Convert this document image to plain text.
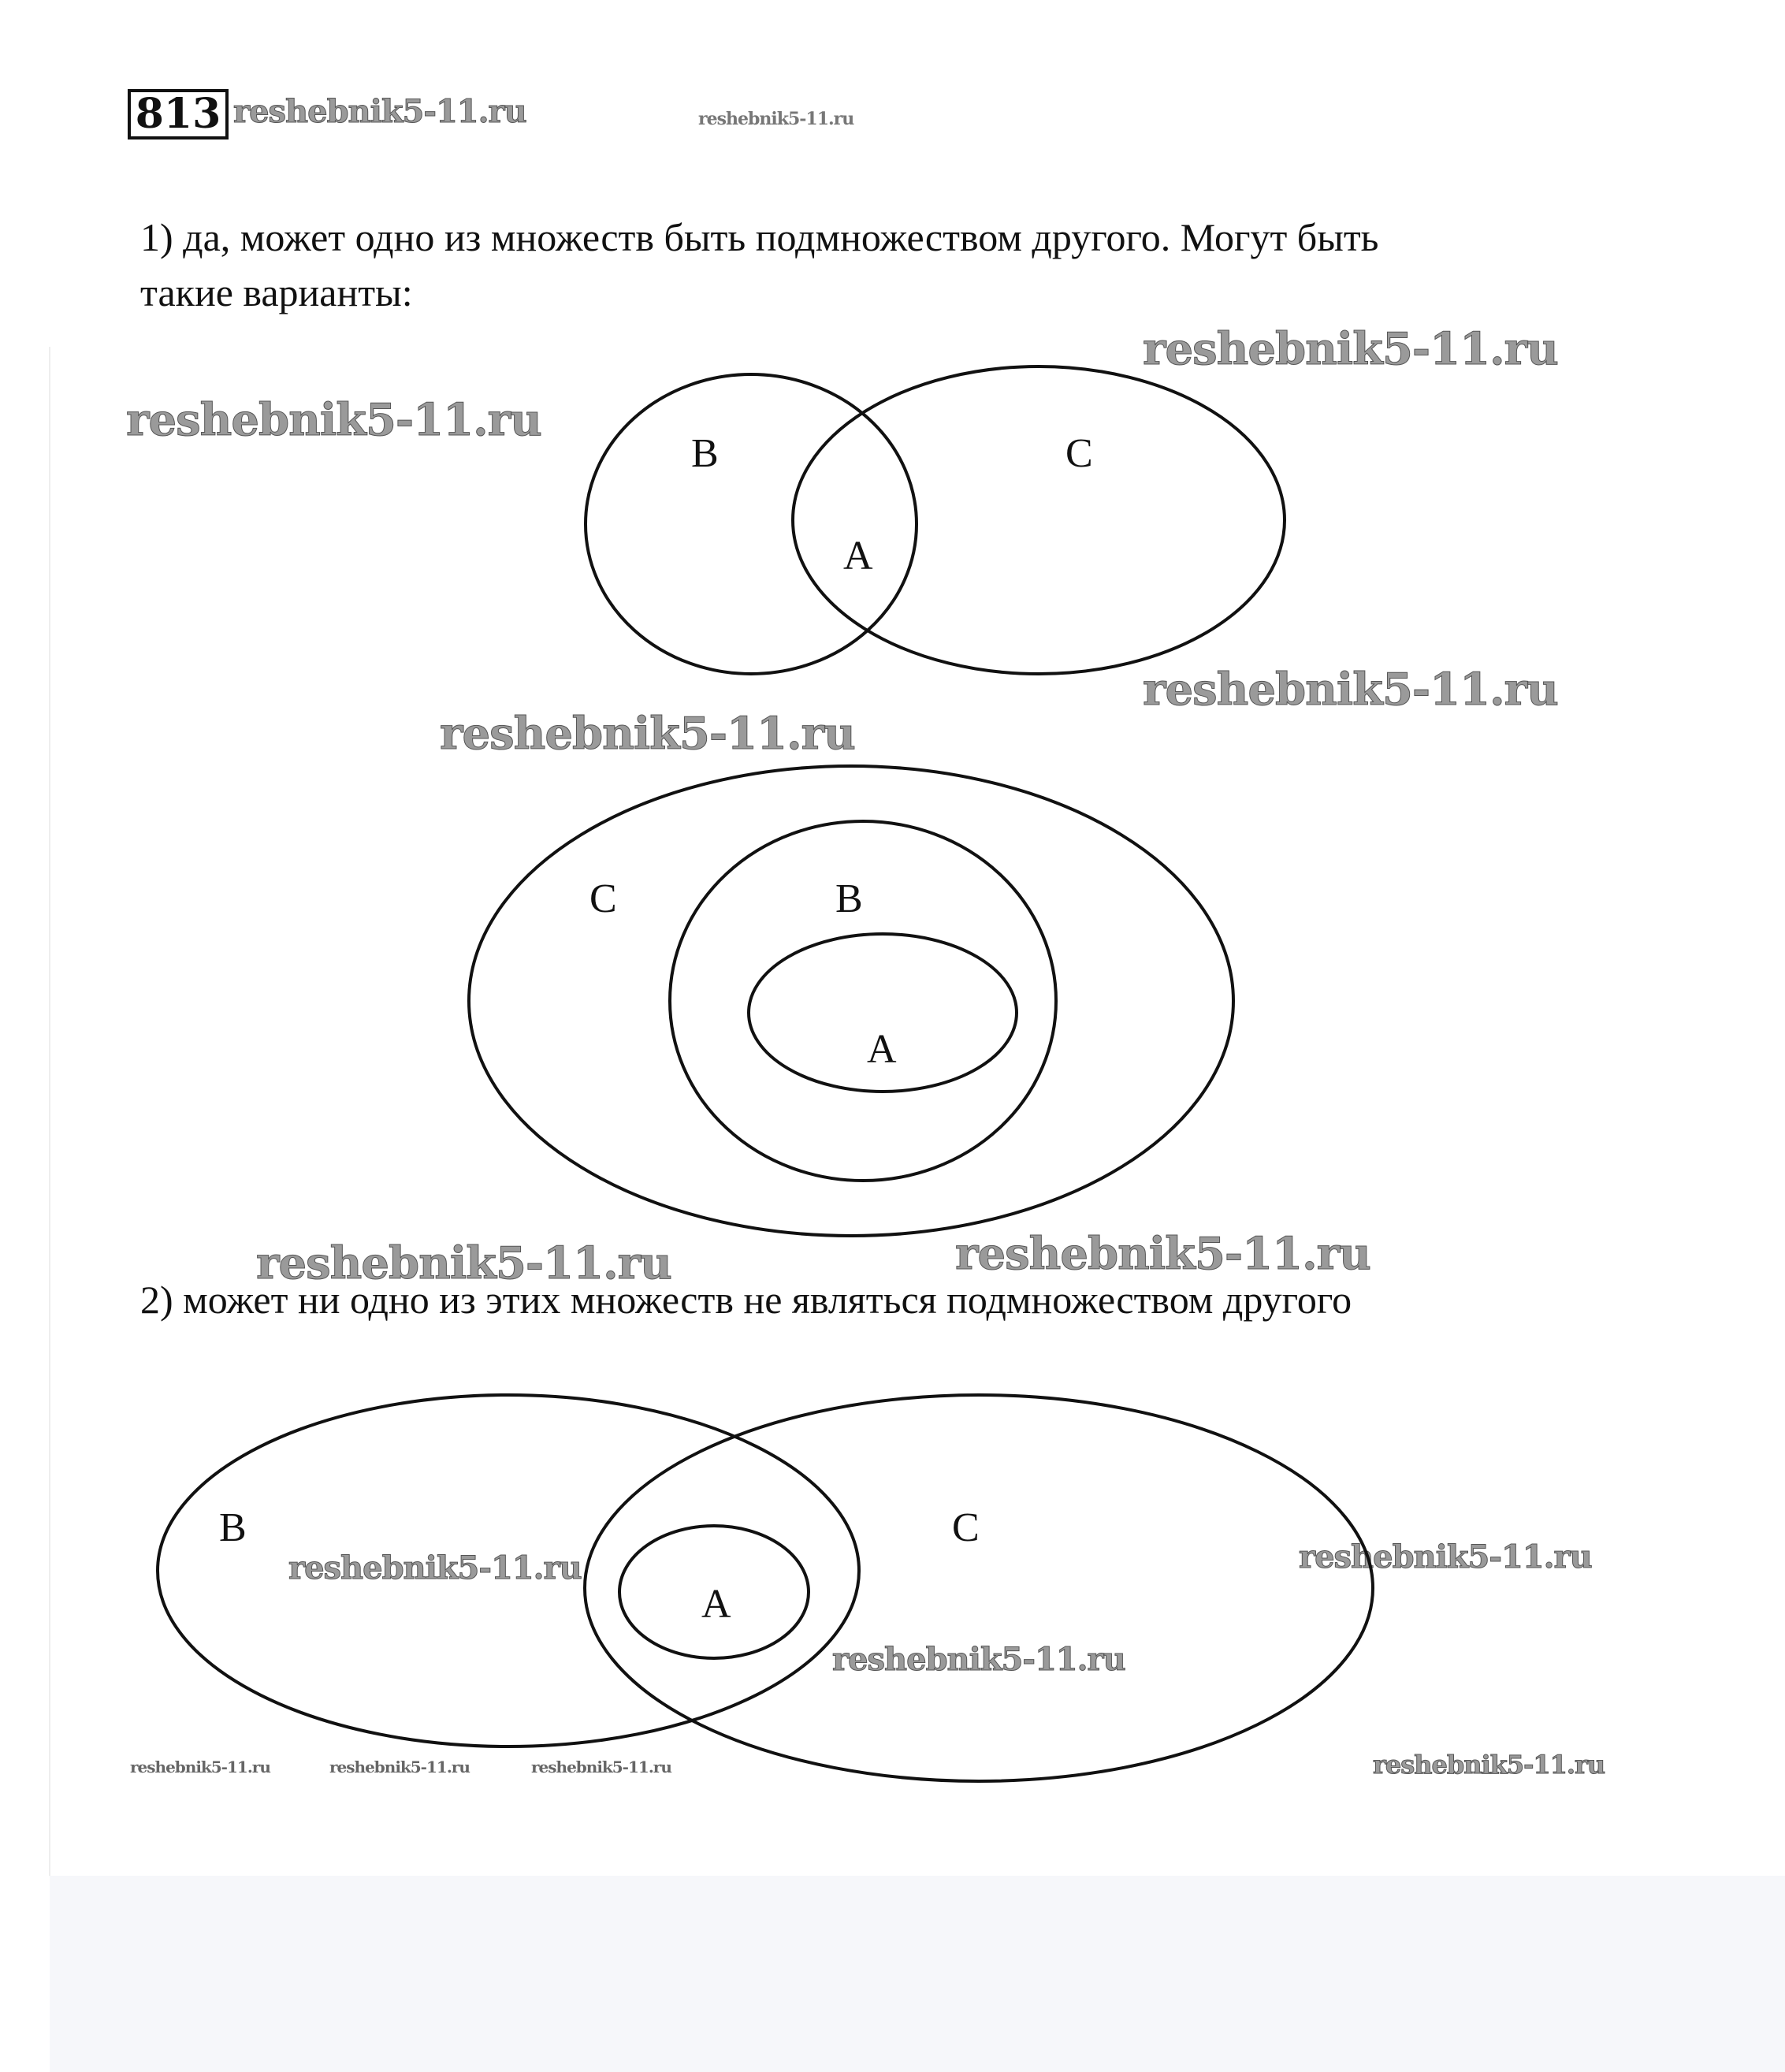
813 reshebnik5-11.ru	reshebnik5-11.ru
1) да, может одно из множеств быть подмножеством другого. Могут быть
такие варианты:
reshebnik5-11.ru
reshebnik5-11.ru
reshebnik5-11.ru
reshebnik5-11.ru
reshebnik5-11.ru	reshebnik5-11.ru
2) может ни одно из этих множеств не являться подмножеством другого
reshebnik5-11.ru	reshebnik5-11.ru
reshebnik5-11.ru
reshebnik5-11.ru	reshebnik5-11.ru	reshebnik5-11.ru	reshebnik5-11.ru
B	C
A
C	B
A
B	C
A
